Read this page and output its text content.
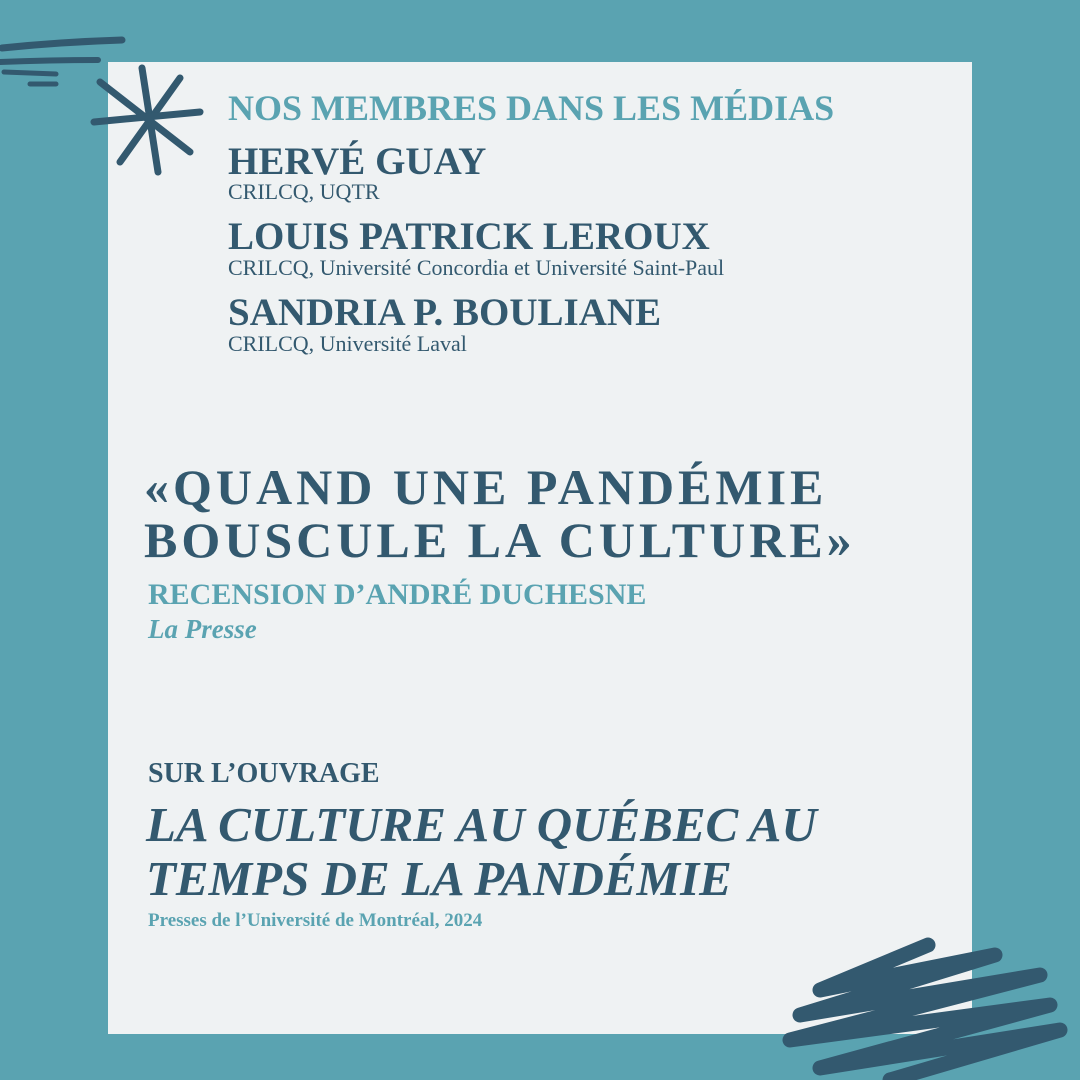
NOS MEMBRES DANS LES MÉDIAS

HERVÉ GUAY

CRILCQ, UQTR

LOUIS PATRICK LEROUX

CRILCQ, Université Concordia et Université Saint-Paul

SANDRIA P. BOULIANE

CRILCQ, Université Laval

«QUAND UNE PANDÉMIE

BOUSCULE LA CULTURE»

RECENSION D’ANDRÉ DUCHESNE

La Presse

SUR L’OUVRAGE

LA CULTURE AU QUÉBEC AU

TEMPS DE LA PANDÉMIE

Presses de l’Université de Montréal, 2024
